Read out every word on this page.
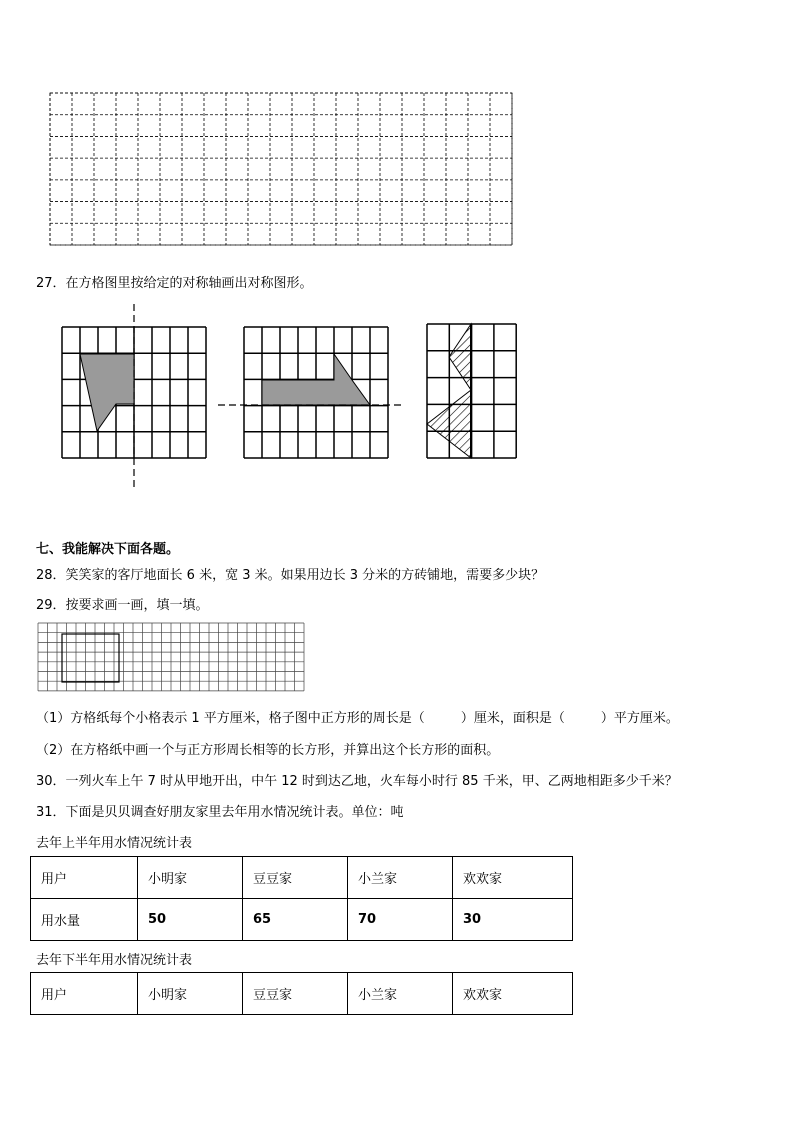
27．在方格图里按给定的对称轴画出对称图形。
七、我能解决下面各题。
28．笑笑家的客厅地面长 6 米，宽 3 米。如果用边长 3 分米的方砖铺地，需要多少块？
29．按要求画一画，填一填。
（1）方格纸每个小格表示 1 平方厘米，格子图中正方形的周长是（	）厘米，面积是（	）平方厘米。
（2）在方格纸中画一个与正方形周长相等的长方形，并算出这个长方形的面积。
30．一列火车上午 7 时从甲地开出，中午 12 时到达乙地，火车每小时行 85 千米，甲、乙两地相距多少千米？
31．下面是贝贝调查好朋友家里去年用水情况统计表。单位：吨
去年上半年用水情况统计表
用户	小明家	豆豆家	小兰家	欢欢家
用水量	50	65	70	30
去年下半年用水情况统计表
用户	小明家	豆豆家	小兰家	欢欢家
